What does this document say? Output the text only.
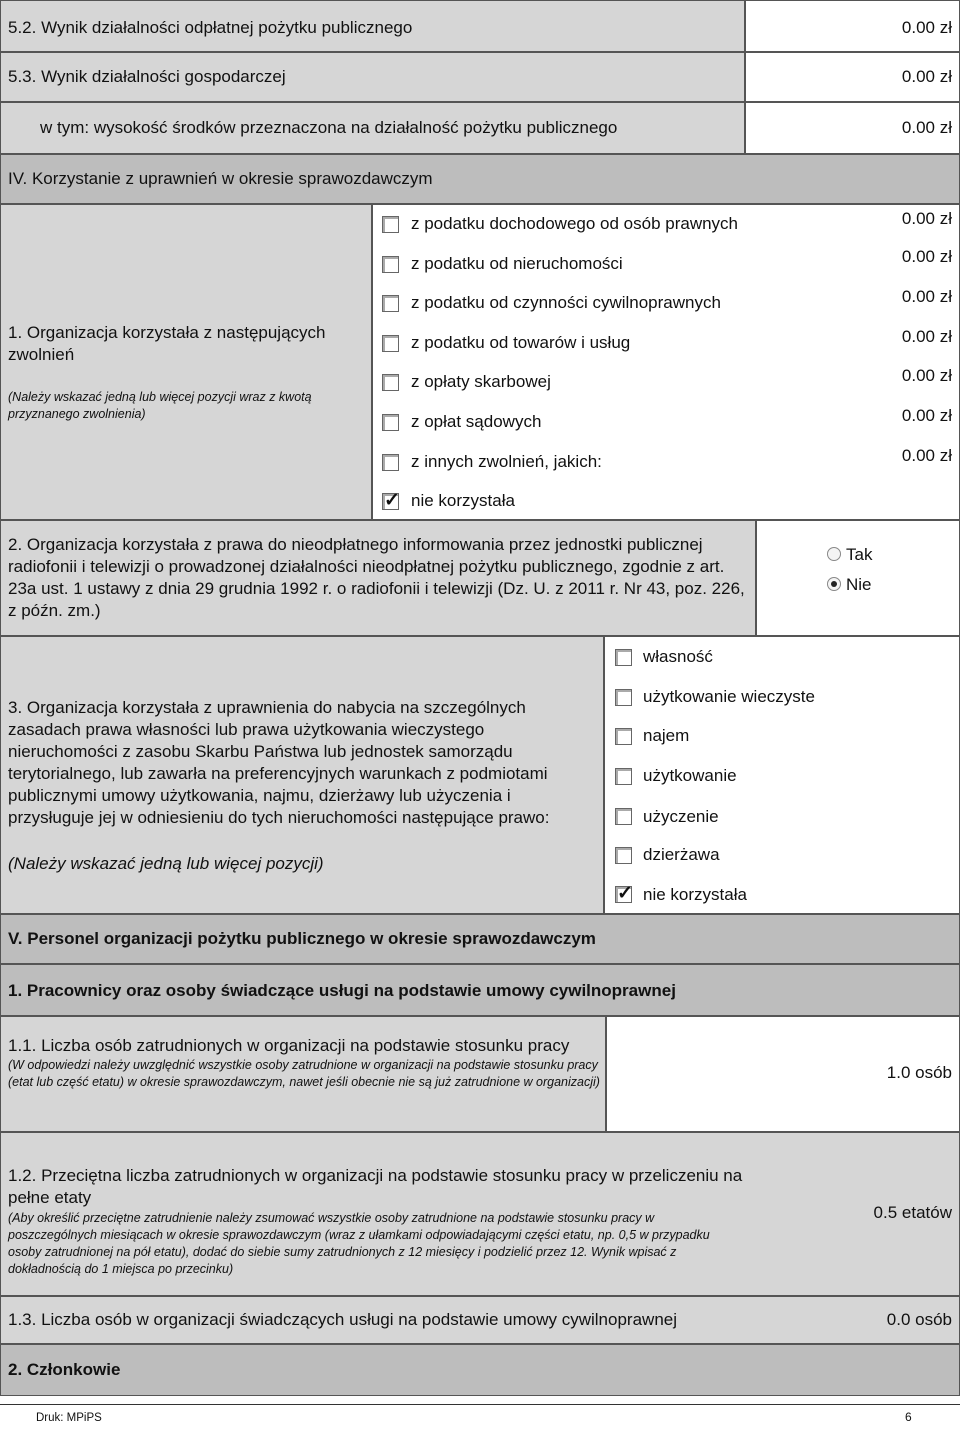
5.2. Wynik działalności odpłatnej pożytku publicznego	0.00 zł
5.3. Wynik działalności gospodarczej	0.00 zł
w tym: wysokość środków przeznaczona na działalność pożytku publicznego	0.00 zł
IV. Korzystanie z uprawnień w okresie sprawozdawczym
1. Organizacja korzystała z następujących zwolnień
(Należy wskazać jedną lub więcej pozycji wraz z kwotą przyznanego zwolnienia)
z podatku dochodowego od osób prawnych	0.00 zł
z podatku od nieruchomości	0.00 zł
z podatku od czynności cywilnoprawnych	0.00 zł
z podatku od towarów i usług	0.00 zł
z opłaty skarbowej	0.00 zł
z opłat sądowych	0.00 zł
z innych zwolnień, jakich:	0.00 zł
✓ nie korzystała
2. Organizacja korzystała z prawa do nieodpłatnego informowania przez jednostki publicznej radiofonii i telewizji o prowadzonej działalności nieodpłatnej pożytku publicznego, zgodnie z art. 23a ust. 1 ustawy z dnia 29 grudnia 1992 r. o radiofonii i telewizji (Dz. U. z 2011 r. Nr 43, poz. 226, z późn. zm.)
Tak
Nie
3. Organizacja korzystała z uprawnienia do nabycia na szczególnych zasadach prawa własności lub prawa użytkowania wieczystego nieruchomości z zasobu Skarbu Państwa lub jednostek samorządu terytorialnego, lub zawarła na preferencyjnych warunkach z podmiotami publicznymi umowy użytkowania, najmu, dzierżawy lub użyczenia i przysługuje jej w odniesieniu do tych nieruchomości następujące prawo:
(Należy wskazać jedną lub więcej pozycji)
własność
użytkowanie wieczyste
najem
użytkowanie
użyczenie
dzierżawa
✓ nie korzystała
V. Personel organizacji pożytku publicznego w okresie sprawozdawczym
1. Pracownicy oraz osoby świadczące usługi na podstawie umowy cywilnoprawnej
1.1. Liczba osób zatrudnionych w organizacji na podstawie stosunku pracy
(W odpowiedzi należy uwzględnić wszystkie osoby zatrudnione w organizacji na podstawie stosunku pracy (etat lub część etatu) w okresie sprawozdawczym, nawet jeśli obecnie nie są już zatrudnione w organizacji)	1.0 osób
1.2. Przeciętna liczba zatrudnionych w organizacji na podstawie stosunku pracy w przeliczeniu na pełne etaty
(Aby określić przeciętne zatrudnienie należy zsumować wszystkie osoby zatrudnione na podstawie stosunku pracy w poszczególnych miesiącach w okresie sprawozdawczym (wraz z ułamkami odpowiadającymi części etatu, np. 0,5 w przypadku osoby zatrudnionej na pół etatu), dodać do siebie sumy zatrudnionych z 12 miesięcy i podzielić przez 12. Wynik wpisać z dokładnością do 1 miejsca po przecinku)
0.5 etatów
1.3. Liczba osób w organizacji świadczących usługi na podstawie umowy cywilnoprawnej	0.0 osób
2. Członkowie
Druk: MPiPS	6
